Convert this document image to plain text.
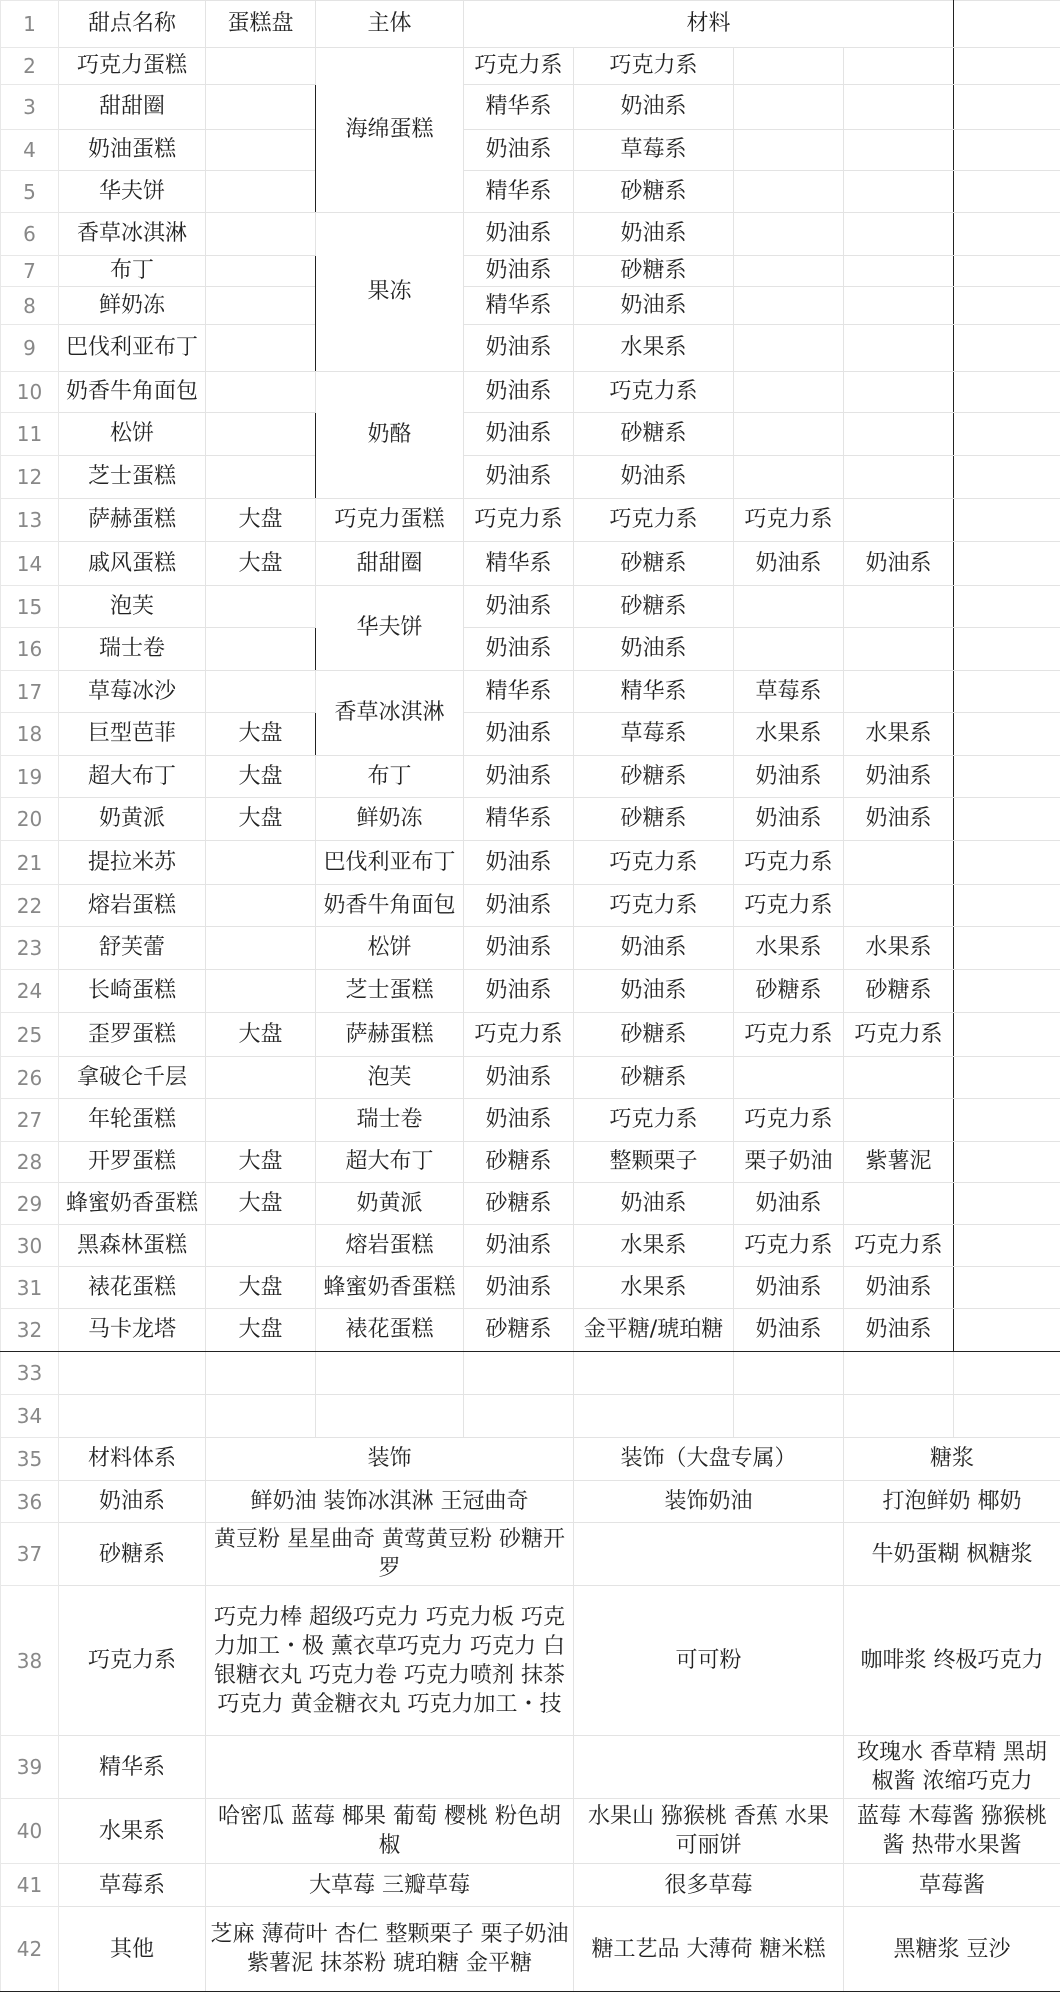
1	甜点名称	蛋糕盘	主体	材料				
2	巧克力蛋糕		海绵蛋糕	巧克力系	巧克力系			
3	甜甜圈			精华系	奶油系			
4	奶油蛋糕			奶油系	草莓系			
5	华夫饼			精华系	砂糖系			
6	香草冰淇淋		果冻	奶油系	奶油系			
7	布丁			奶油系	砂糖系			
8	鲜奶冻			精华系	奶油系			
9	巴伐利亚布丁			奶油系	水果系			
10	奶香牛角面包		奶酪	奶油系	巧克力系			
11	松饼			奶油系	砂糖系			
12	芝士蛋糕			奶油系	奶油系			
13	萨赫蛋糕	大盘	巧克力蛋糕	巧克力系	巧克力系	巧克力系		
14	戚风蛋糕	大盘	甜甜圈	精华系	砂糖系	奶油系	奶油系	
15	泡芙		华夫饼	奶油系	砂糖系			
16	瑞士卷			奶油系	奶油系			
17	草莓冰沙		香草冰淇淋	精华系	精华系	草莓系		
18	巨型芭菲	大盘		奶油系	草莓系	水果系	水果系	
19	超大布丁	大盘	布丁	奶油系	砂糖系	奶油系	奶油系	
20	奶黄派	大盘	鲜奶冻	精华系	砂糖系	奶油系	奶油系	
21	提拉米苏		巴伐利亚布丁	奶油系	巧克力系	巧克力系		
22	熔岩蛋糕		奶香牛角面包	奶油系	巧克力系	巧克力系		
23	舒芙蕾		松饼	奶油系	奶油系	水果系	水果系	
24	长崎蛋糕		芝士蛋糕	奶油系	奶油系	砂糖系	砂糖系	
25	歪罗蛋糕	大盘	萨赫蛋糕	巧克力系	砂糖系	巧克力系	巧克力系	
26	拿破仑千层		泡芙	奶油系	砂糖系			
27	年轮蛋糕		瑞士卷	奶油系	巧克力系	巧克力系		
28	开罗蛋糕	大盘	超大布丁	砂糖系	整颗栗子	栗子奶油	紫薯泥	
29	蜂蜜奶香蛋糕	大盘	奶黄派	砂糖系	奶油系	奶油系		
30	黑森林蛋糕		熔岩蛋糕	奶油系	水果系	巧克力系	巧克力系	
31	裱花蛋糕	大盘	蜂蜜奶香蛋糕	奶油系	水果系	奶油系	奶油系	
32	马卡龙塔	大盘	裱花蛋糕	砂糖系	金平糖/琥珀糖	奶油系	奶油系	
33								
34								
35	材料体系	装饰			装饰（大盘专属）		糖浆	
36	奶油系	鲜奶油 装饰冰淇淋 王冠曲奇			装饰奶油		打泡鲜奶 椰奶	
37	砂糖系	黄豆粉 星星曲奇 黄莺黄豆粉 砂糖开罗					牛奶蛋糊 枫糖浆	
38	巧克力系	巧克力棒 超级巧克力 巧克力板 巧克力加工・极 薰衣草巧克力 巧克力 白银糖衣丸 巧克力卷 巧克力喷剂 抹茶巧克力 黄金糖衣丸 巧克力加工・技			可可粉		咖啡浆 终极巧克力	
39	精华系						玫瑰水 香草精 黑胡椒酱 浓缩巧克力	
40	水果系	哈密瓜 蓝莓 椰果 葡萄 樱桃 粉色胡椒			水果山 猕猴桃 香蕉 水果可丽饼		蓝莓 木莓酱 猕猴桃酱 热带水果酱	
41	草莓系	大草莓 三瓣草莓			很多草莓		草莓酱	
42	其他	芝麻 薄荷叶 杏仁 整颗栗子 栗子奶油 紫薯泥 抹茶粉 琥珀糖 金平糖			糖工艺品 大薄荷 糖米糕		黑糖浆 豆沙	
